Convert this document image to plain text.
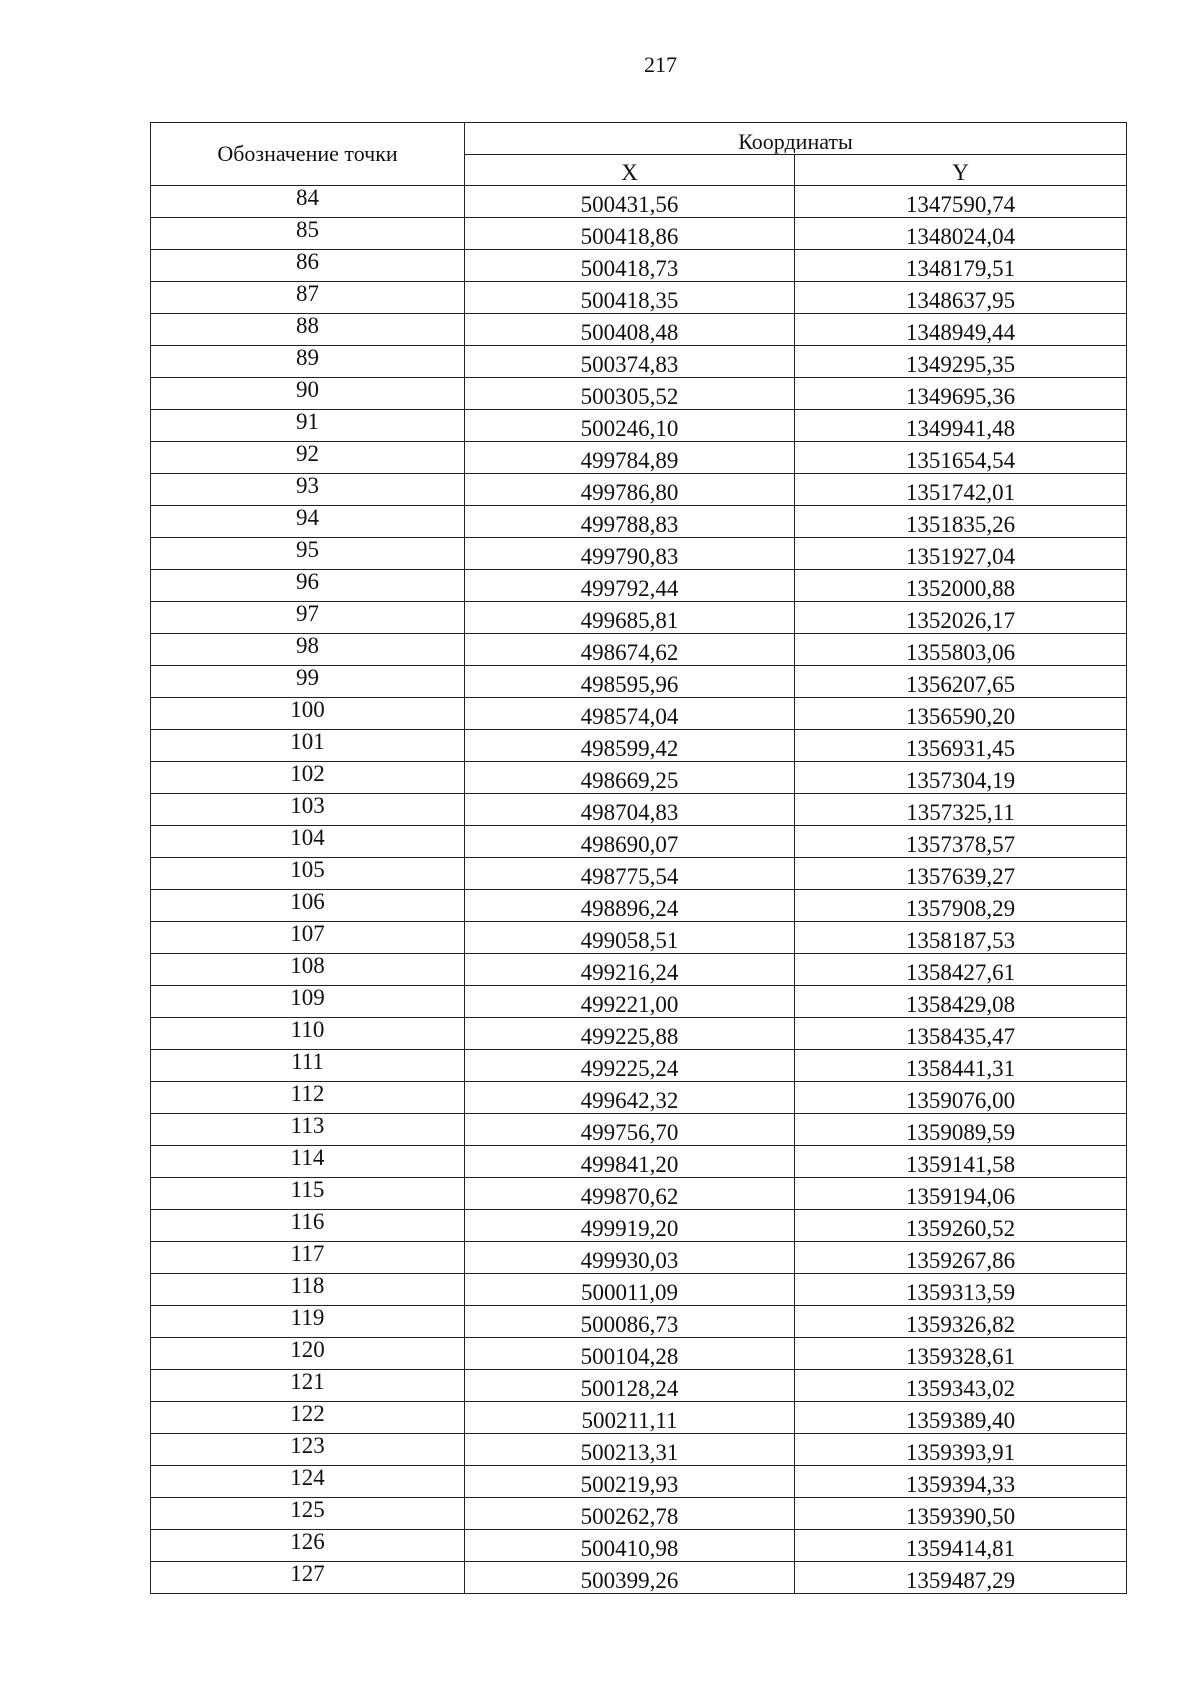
217
Обозначение точки	Координаты	
	X	Y
84	500431,56	1347590,74
85	500418,86	1348024,04
86	500418,73	1348179,51
87	500418,35	1348637,95
88	500408,48	1348949,44
89	500374,83	1349295,35
90	500305,52	1349695,36
91	500246,10	1349941,48
92	499784,89	1351654,54
93	499786,80	1351742,01
94	499788,83	1351835,26
95	499790,83	1351927,04
96	499792,44	1352000,88
97	499685,81	1352026,17
98	498674,62	1355803,06
99	498595,96	1356207,65
100	498574,04	1356590,20
101	498599,42	1356931,45
102	498669,25	1357304,19
103	498704,83	1357325,11
104	498690,07	1357378,57
105	498775,54	1357639,27
106	498896,24	1357908,29
107	499058,51	1358187,53
108	499216,24	1358427,61
109	499221,00	1358429,08
110	499225,88	1358435,47
111	499225,24	1358441,31
112	499642,32	1359076,00
113	499756,70	1359089,59
114	499841,20	1359141,58
115	499870,62	1359194,06
116	499919,20	1359260,52
117	499930,03	1359267,86
118	500011,09	1359313,59
119	500086,73	1359326,82
120	500104,28	1359328,61
121	500128,24	1359343,02
122	500211,11	1359389,40
123	500213,31	1359393,91
124	500219,93	1359394,33
125	500262,78	1359390,50
126	500410,98	1359414,81
127	500399,26	1359487,29
